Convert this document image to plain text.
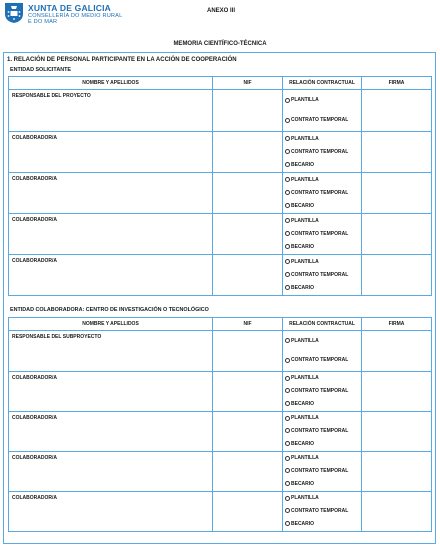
XUNTA DE GALICIA
CONSELLERÍA DO MEDIO RURAL
E DO MAR
ANEXO III
MEMORIA CIENTÍFICO-TÉCNICA
1. RELACIÓN DE PERSONAL PARTICIPANTE EN LA ACCIÓN DE COOPERACIÓN
ENTIDAD SOLICITANTE
NOMBRE Y APELLIDOS	NIF	RELACIÓN CONTRACTUAL	FIRMA
RESPONSABLE DEL PROYECTO		PLANTILLA
CONTRATO TEMPORAL	

COLABORADOR/A		PLANTILLA
CONTRATO TEMPORAL
BECARIO	

COLABORADOR/A		PLANTILLA
CONTRATO TEMPORAL
BECARIO	

COLABORADOR/A		PLANTILLA
CONTRATO TEMPORAL
BECARIO	

COLABORADOR/A		PLANTILLA
CONTRATO TEMPORAL
BECARIO	

ENTIDAD COLABORADORA: CENTRO DE INVESTIGACIÓN O TECNOLÓGICO
NOMBRE Y APELLIDOS	NIF	RELACIÓN CONTRACTUAL	FIRMA
RESPONSABLE DEL SUBPROYECTO		PLANTILLA
CONTRATO TEMPORAL	

COLABORADOR/A		PLANTILLA
CONTRATO TEMPORAL
BECARIO	

COLABORADOR/A		PLANTILLA
CONTRATO TEMPORAL
BECARIO	

COLABORADOR/A		PLANTILLA
CONTRATO TEMPORAL
BECARIO	

COLABORADOR/A		PLANTILLA
CONTRATO TEMPORAL
BECARIO	
